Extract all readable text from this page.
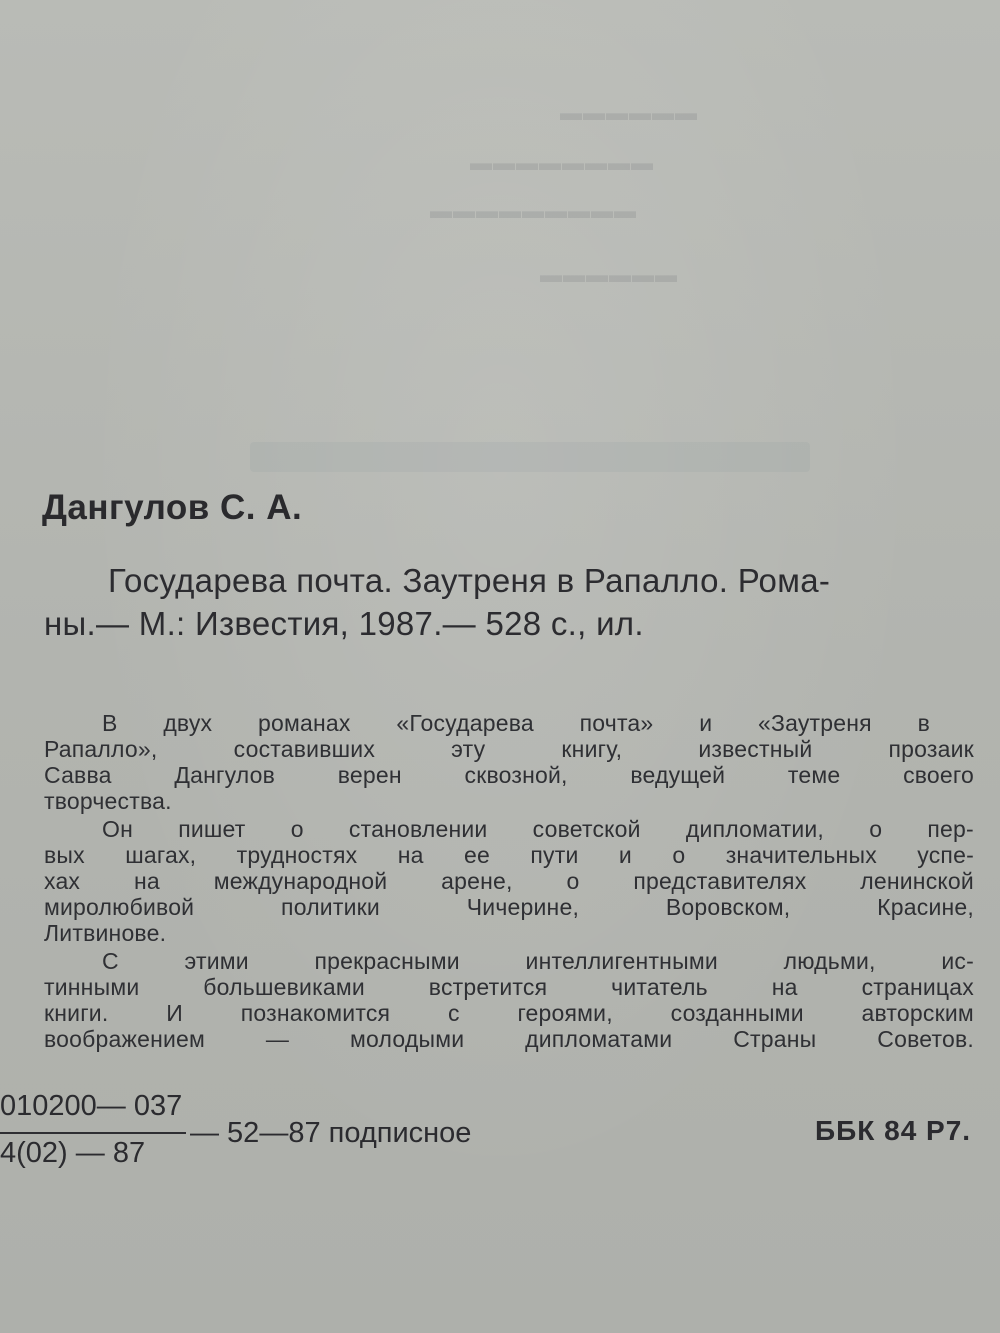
▬▬▬▬▬▬
▬▬▬▬▬▬▬▬
▬▬▬▬▬▬▬▬▬
▬▬▬▬▬▬
Дангулов С. А.
Государева почта. Заутреня в Рапалло. Рома-
ны.— М.: Известия, 1987.— 528 с., ил.
В двух романах «Государева почта» и «Заутреня в
Рапалло»,	составивших	эту	книгу,	известный	прозаик
Савва	Дангулов	верен	сквозной,	ведущей	теме	своего
творчества.
Он пишет о становлении советской дипломатии, о пер-
вых шагах, трудностях на ее пути и о значительных успе-
хах на международной арене, о представителях ленинской
миролюбивой	политики	Чичерине,	Воровском,	Красине,
Литвинове.
С	этими	прекрасными	интеллигентными	людьми,	ис-
тинными	большевиками	встретится	читатель	на	страницах
книги.	И	познакомится	с	героями,	созданными	авторским
воображением	—	молодыми	дипломатами	Страны	Советов.
010200— 037
4(02) — 87
— 52—87 подписное	ББК 84 Р7.
